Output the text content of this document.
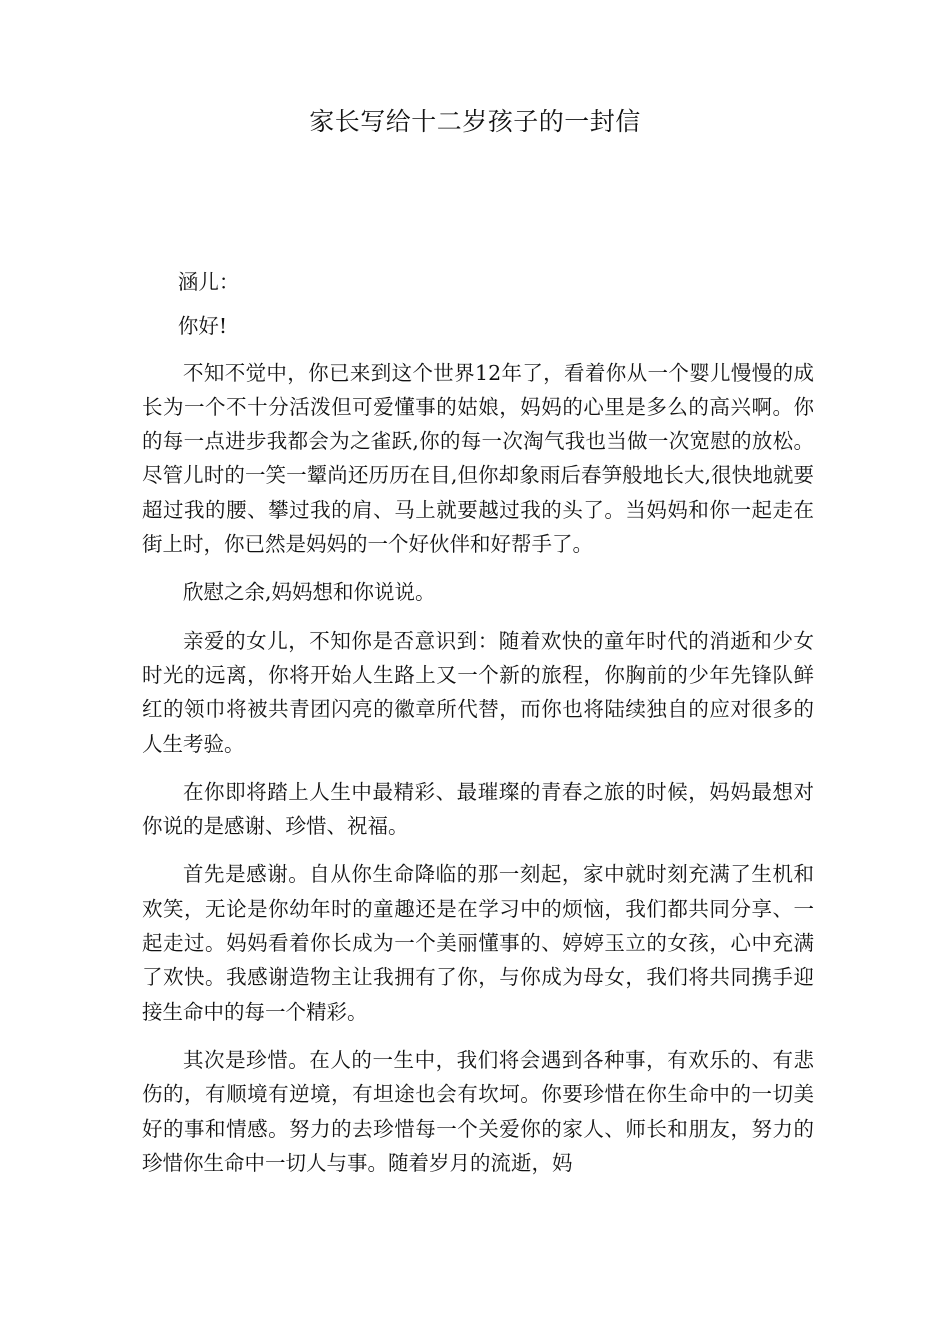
家长写给十二岁孩子的一封信

涵儿：

你好!

不知不觉中，你已来到这个世界12年了，看着你从一个婴儿慢慢的成长为一个不十分活泼但可爱懂事的姑娘，妈妈的心里是多么的高兴啊。你的每一点进步我都会为之雀跃,你的每一次淘气我也当做一次宽慰的放松。尽管儿时的一笑一颦尚还历历在目,但你却象雨后春笋般地长大,很快地就要超过我的腰、攀过我的肩、马上就要越过我的头了。当妈妈和你一起走在街上时，你已然是妈妈的一个好伙伴和好帮手了。

欣慰之余,妈妈想和你说说。

亲爱的女儿，不知你是否意识到：随着欢快的童年时代的消逝和少女时光的远离，你将开始人生路上又一个新的旅程，你胸前的少年先锋队鲜红的领巾将被共青团闪亮的徽章所代替，而你也将陆续独自的应对很多的人生考验。

在你即将踏上人生中最精彩、最璀璨的青春之旅的时候，妈妈最想对你说的是感谢、珍惜、祝福。

首先是感谢。自从你生命降临的那一刻起，家中就时刻充满了生机和欢笑，无论是你幼年时的童趣还是在学习中的烦恼，我们都共同分享、一起走过。妈妈看着你长成为一个美丽懂事的、婷婷玉立的女孩，心中充满了欢快。我感谢造物主让我拥有了你，与你成为母女，我们将共同携手迎接生命中的每一个精彩。

其次是珍惜。在人的一生中，我们将会遇到各种事，有欢乐的、有悲伤的，有顺境有逆境，有坦途也会有坎坷。你要珍惜在你生命中的一切美好的事和情感。努力的去珍惜每一个关爱你的家人、师长和朋友，努力的珍惜你生命中一切人与事。随着岁月的流逝，妈
